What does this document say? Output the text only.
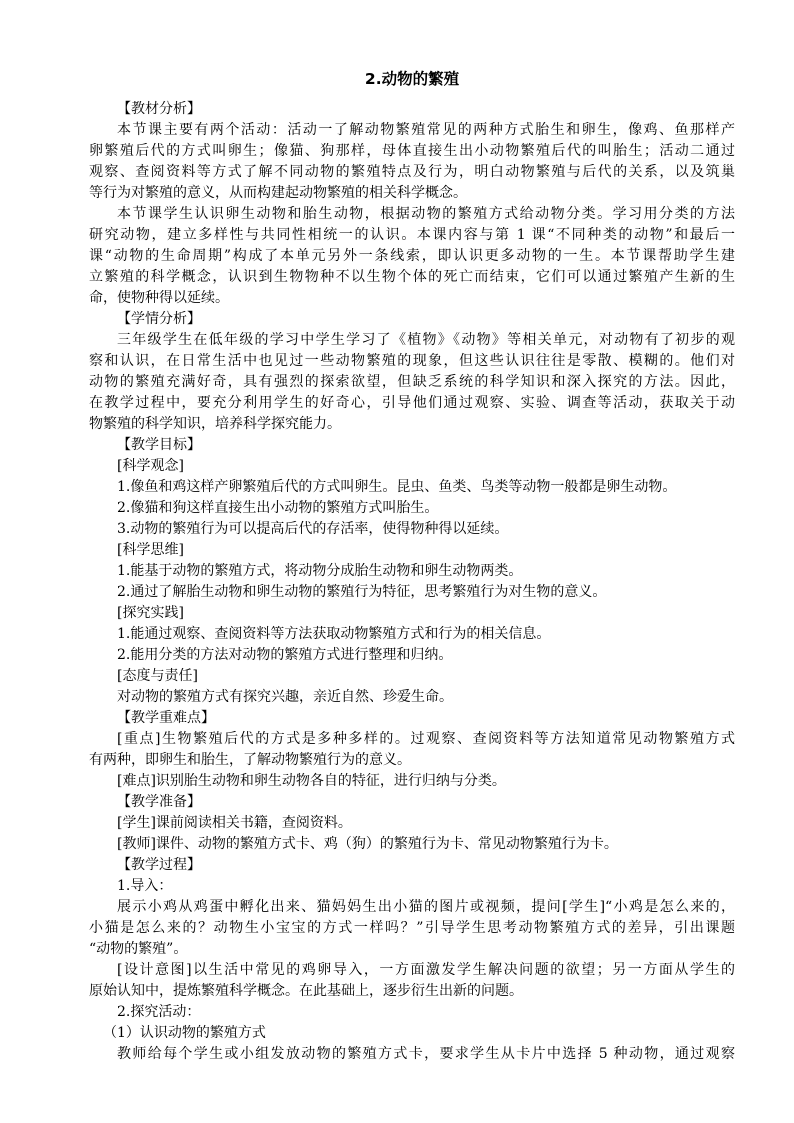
2.动物的繁殖
【教材分析】
本节课主要有两个活动：活动一了解动物繁殖常见的两种方式胎生和卵生，像鸡、鱼那样产
卵繁殖后代的方式叫卵生；像猫、狗那样，母体直接生出小动物繁殖后代的叫胎生；活动二通过
观察、查阅资料等方式了解不同动物的繁殖特点及行为，明白动物繁殖与后代的关系，以及筑巢
等行为对繁殖的意义，从而构建起动物繁殖的相关科学概念。
本节课学生认识卵生动物和胎生动物，根据动物的繁殖方式给动物分类。学习用分类的方法
研究动物，建立多样性与共同性相统一的认识。本课内容与第 1 课“不同种类的动物”和最后一
课“动物的生命周期”构成了本单元另外一条线索，即认识更多动物的一生。本节课帮助学生建
立繁殖的科学概念，认识到生物物种不以生物个体的死亡而结束，它们可以通过繁殖产生新的生
命，使物种得以延续。
【学情分析】
三年级学生在低年级的学习中学生学习了《植物》《动物》等相关单元，对动物有了初步的观
察和认识，在日常生活中也见过一些动物繁殖的现象，但这些认识往往是零散、模糊的。他们对
动物的繁殖充满好奇，具有强烈的探索欲望，但缺乏系统的科学知识和深入探究的方法。因此，
在教学过程中，要充分利用学生的好奇心，引导他们通过观察、实验、调查等活动，获取关于动
物繁殖的科学知识，培养科学探究能力。
【教学目标】
[科学观念]
1.像鱼和鸡这样产卵繁殖后代的方式叫卵生。昆虫、鱼类、鸟类等动物一般都是卵生动物。
2.像猫和狗这样直接生出小动物的繁殖方式叫胎生。
3.动物的繁殖行为可以提高后代的存活率，使得物种得以延续。
[科学思维]
1.能基于动物的繁殖方式，将动物分成胎生动物和卵生动物两类。
2.通过了解胎生动物和卵生动物的繁殖行为特征，思考繁殖行为对生物的意义。
[探究实践]
1.能通过观察、查阅资料等方法获取动物繁殖方式和行为的相关信息。
2.能用分类的方法对动物的繁殖方式进行整理和归纳。
[态度与责任]
对动物的繁殖方式有探究兴趣，亲近自然、珍爱生命。
【教学重难点】
[重点]生物繁殖后代的方式是多种多样的。过观察、查阅资料等方法知道常见动物繁殖方式
有两种，即卵生和胎生，了解动物繁殖行为的意义。
[难点]识别胎生动物和卵生动物各自的特征，进行归纳与分类。
【教学准备】
[学生]课前阅读相关书籍，查阅资料。
[教师]课件、动物的繁殖方式卡、鸡（狗）的繁殖行为卡、常见动物繁殖行为卡。
【教学过程】
1.导入：
展示小鸡从鸡蛋中孵化出来、猫妈妈生出小猫的图片或视频，提问[学生]“小鸡是怎么来的，
小猫是怎么来的？动物生小宝宝的方式一样吗？”引导学生思考动物繁殖方式的差异，引出课题
“动物的繁殖”。
[设计意图]以生活中常见的鸡卵导入，一方面激发学生解决问题的欲望；另一方面从学生的
原始认知中，提炼繁殖科学概念。在此基础上，逐步衍生出新的问题。
2.探究活动：
（1）认识动物的繁殖方式
教师给每个学生或小组发放动物的繁殖方式卡，要求学生从卡片中选择 5 种动物，通过观察
